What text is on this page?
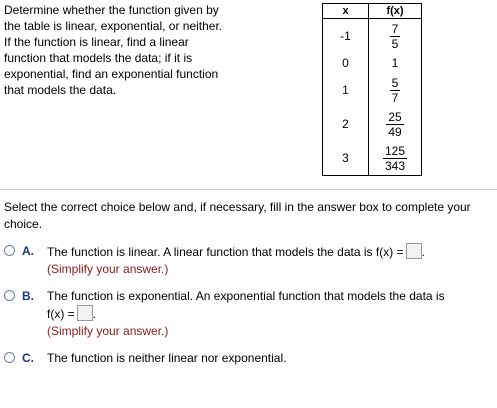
Determine whether the function given by
the table is linear, exponential, or neither.
If the function is linear, find a linear
function that models the data; if it is
exponential, find an exponential function
that models the data.
x	f(x)
-1	$\frac{7}{5}$

0	1
1	$\frac{5}{7}$

2	$\frac{25}{49}$

3	$\frac{125}{343}$
Select the correct choice below and, if necessary, fill in the answer box to complete your choice.
A. The function is linear. A linear function that models the data is f(x) = .
(Simplify your answer.)
B. The function is exponential. An exponential function that models the data is
f(x) = .
(Simplify your answer.)
C. The function is neither linear nor exponential.
